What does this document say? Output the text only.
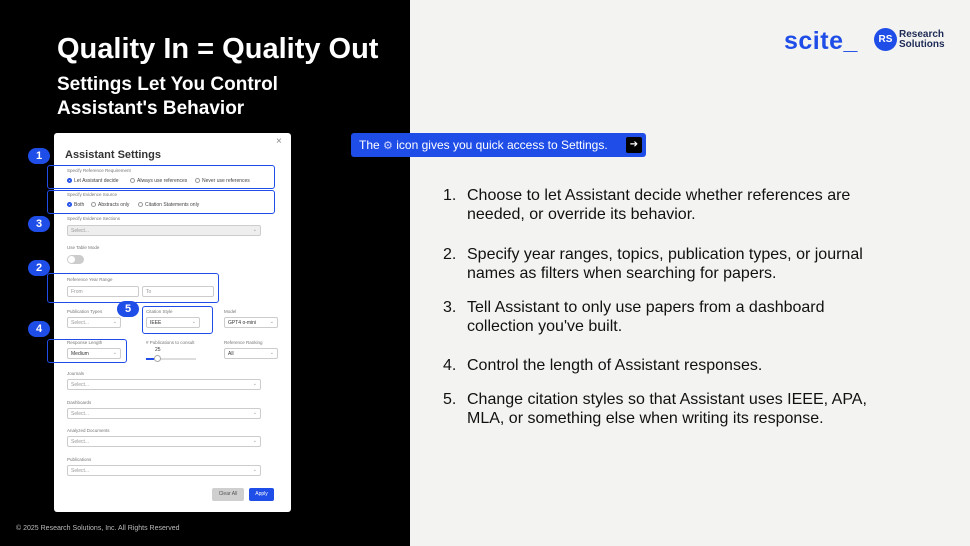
Quality In = Quality Out
Settings Let You Control
Assistant's Behavior
Assistant Settings
×
Specify Reference Requirement
Let Assistant decide	Always use references	Never use references
Specify Evidence Source
Both	Abstracts only	Citation Statements only
Specify Evidence Sections
Select...	⌄
Use Table Mode
Reference Year Range
From	To
Publication Types
Select...	⌄
Citation Style
IEEE	⌄
Model
GPT4 o-mini	⌄
Response Length
Medium	⌄
# Publications to consult
25
Reference Ranking
All	⌄
Journals
Select...	⌄
Dashboards
Select...	⌄
Analyzed Documents
Select...	⌄
Publications
Select...	⌄
Clear All	Apply
1
3
2
5
4
© 2025 Research Solutions, Inc. All Rights Reserved
The ⚙ icon gives you quick access to Settings.	➔
scite_	RS Research
Solutions
1. Choose to let Assistant decide whether references are needed, or override its behavior.
2. Specify year ranges, topics, publication types, or journal names as filters when searching for papers.
3. Tell Assistant to only use papers from a dashboard collection you've built.
4. Control the length of Assistant responses.
5. Change citation styles so that Assistant uses IEEE, APA, MLA, or something else when writing its response.
